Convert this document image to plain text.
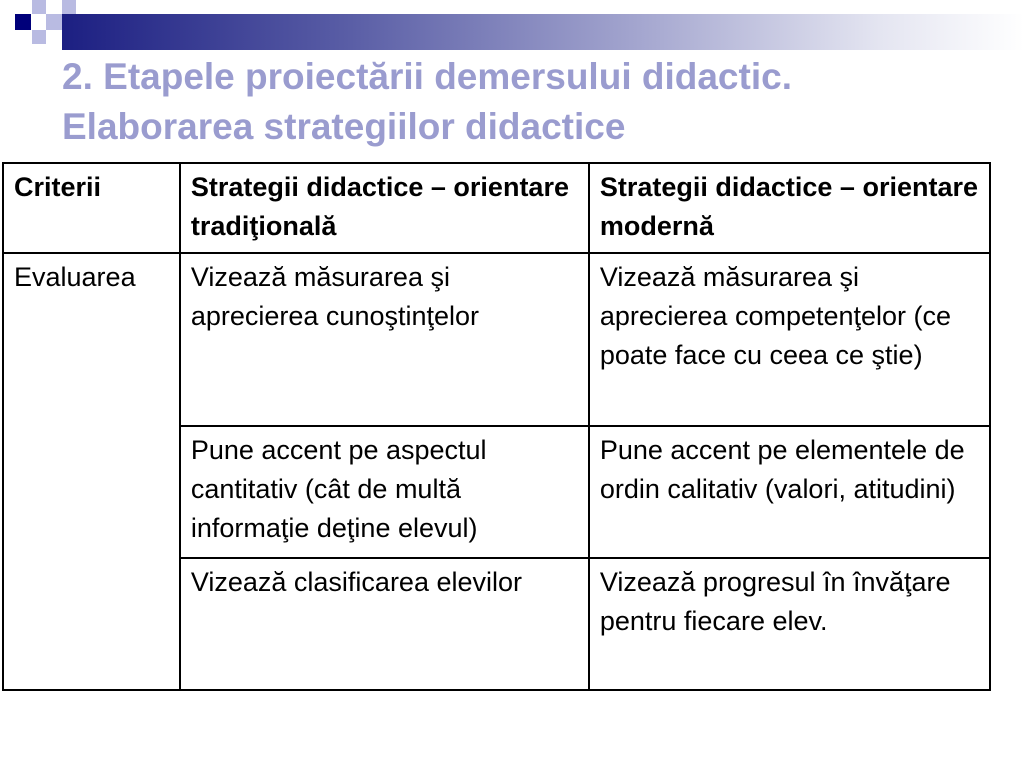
2. Etapele proiectării demersului didactic.
Elaborarea strategiilor didactice
Criterii	Strategii didactice – orientare tradiţională	Strategii didactice – orientare modernă
Evaluarea	Vizează măsurarea şi aprecierea cunoştinţelor	Vizează măsurarea şi aprecierea competenţelor (ce poate face cu ceea ce ştie)
	Pune accent pe aspectul cantitativ (cât de multă informaţie deţine elevul)	Pune accent pe elementele de ordin calitativ (valori, atitudini)
	Vizează clasificarea elevilor	Vizează progresul în învăţare pentru fiecare elev.
